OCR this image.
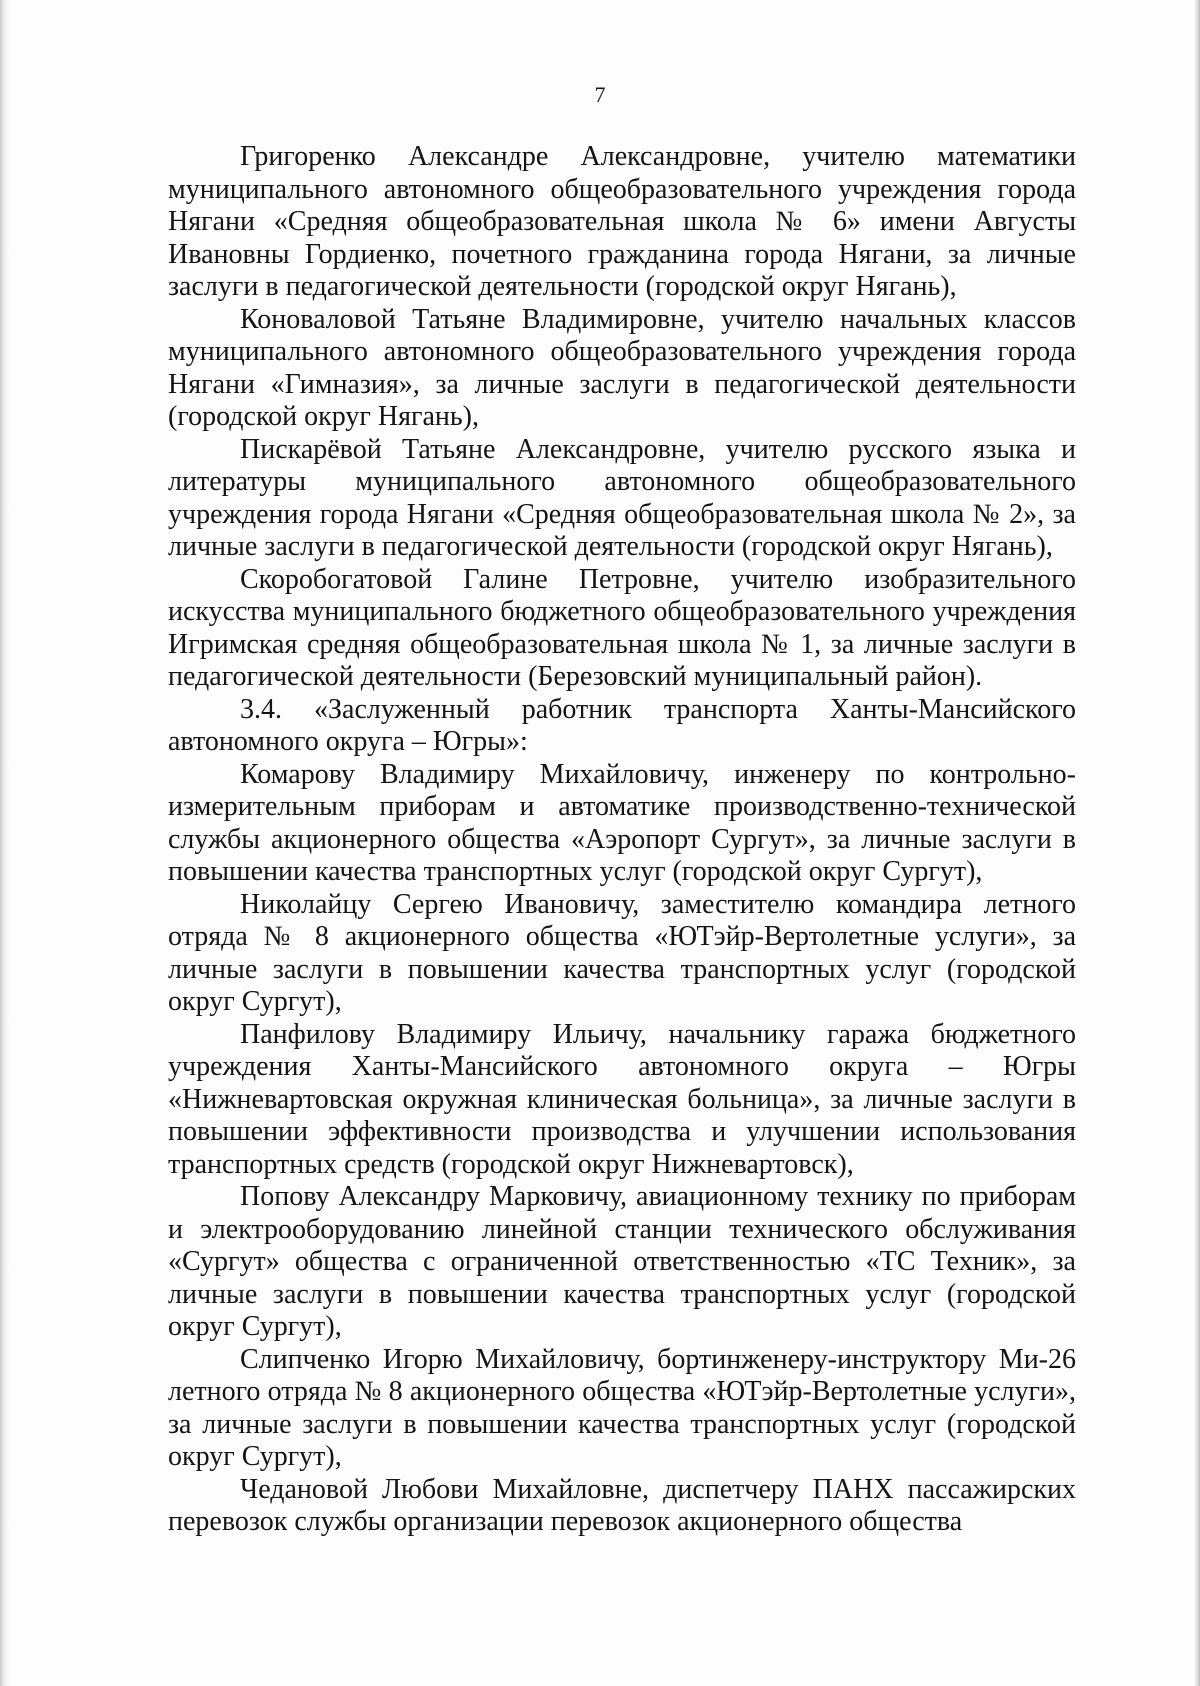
7

Григоренко Александре Александровне, учителю математики муниципального автономного общеобразовательного учреждения города Нягани «Средняя общеобразовательная школа № 6» имени Августы Ивановны Гордиенко, почетного гражданина города Нягани, за личные заслуги в педагогической деятельности (городской округ Нягань),

Коноваловой Татьяне Владимировне, учителю начальных классов муниципального автономного общеобразовательного учреждения города Нягани «Гимназия», за личные заслуги в педагогической деятельности (городской округ Нягань),

Пискарёвой Татьяне Александровне, учителю русского языка и литературы муниципального автономного общеобразовательного учреждения города Нягани «Средняя общеобразовательная школа № 2», за личные заслуги в педагогической деятельности (городской округ Нягань),

Скоробогатовой Галине Петровне, учителю изобразительного искусства муниципального бюджетного общеобразовательного учреждения Игримская средняя общеобразовательная школа № 1, за личные заслуги в педагогической деятельности (Березовский муниципальный район).

3.4. «Заслуженный работник транспорта Ханты-Мансийского автономного округа – Югры»:

Комарову Владимиру Михайловичу, инженеру по контрольно-измерительным приборам и автоматике производственно-технической службы акционерного общества «Аэропорт Сургут», за личные заслуги в повышении качества транспортных услуг (городской округ Сургут),

Николайцу Сергею Ивановичу, заместителю командира летного отряда № 8 акционерного общества «ЮТэйр-Вертолетные услуги», за личные заслуги в повышении качества транспортных услуг (городской округ Сургут),

Панфилову Владимиру Ильичу, начальнику гаража бюджетного учреждения Ханты-Мансийского автономного округа – Югры «Нижневартовская окружная клиническая больница», за личные заслуги в повышении эффективности производства и улучшении использования транспортных средств (городской округ Нижневартовск),

Попову Александру Марковичу, авиационному технику по приборам и электрооборудованию линейной станции технического обслуживания «Сургут» общества с ограниченной ответственностью «ТС Техник», за личные заслуги в повышении качества транспортных услуг (городской округ Сургут),

Слипченко Игорю Михайловичу, бортинженеру-инструктору Ми-26 летного отряда № 8 акционерного общества «ЮТэйр-Вертолетные услуги», за личные заслуги в повышении качества транспортных услуг (городской округ Сургут),

Чедановой Любови Михайловне, диспетчеру ПАНХ пассажирских перевозок службы организации перевозок акционерного общества
